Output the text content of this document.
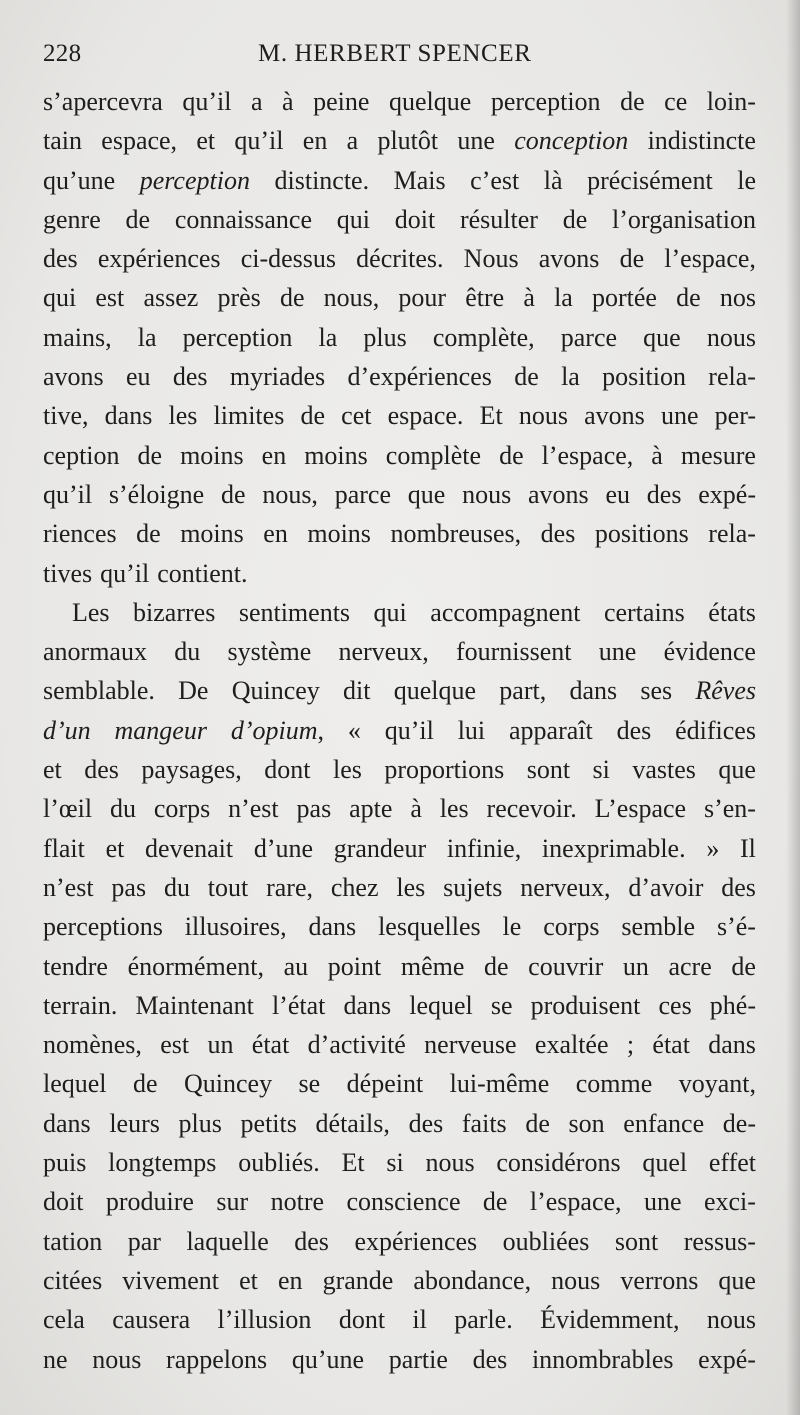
228	M. HERBERT SPENCER
s’apercevra qu’il a à peine quelque perception de ce loin-
tain espace, et qu’il en a plutôt une conception indistincte
qu’une perception distincte. Mais c’est là précisément le
genre de connaissance qui doit résulter de l’organisation
des expériences ci-dessus décrites. Nous avons de l’espace,
qui est assez près de nous, pour être à la portée de nos
mains, la perception la plus complète, parce que nous
avons eu des myriades d’expériences de la position rela-
tive, dans les limites de cet espace. Et nous avons une per-
ception de moins en moins complète de l’espace, à mesure
qu’il s’éloigne de nous, parce que nous avons eu des expé-
riences de moins en moins nombreuses, des positions rela-
tives qu’il contient.
Les bizarres sentiments qui accompagnent certains états
anormaux du système nerveux, fournissent une évidence
semblable. De Quincey dit quelque part, dans ses Rêves
d’un mangeur d’opium, « qu’il lui apparaît des édifices
et des paysages, dont les proportions sont si vastes que
l’œil du corps n’est pas apte à les recevoir. L’espace s’en-
flait et devenait d’une grandeur infinie, inexprimable. » Il
n’est pas du tout rare, chez les sujets nerveux, d’avoir des
perceptions illusoires, dans lesquelles le corps semble s’é-
tendre énormément, au point même de couvrir un acre de
terrain. Maintenant l’état dans lequel se produisent ces phé-
nomènes, est un état d’activité nerveuse exaltée ; état dans
lequel de Quincey se dépeint lui-même comme voyant,
dans leurs plus petits détails, des faits de son enfance de-
puis longtemps oubliés. Et si nous considérons quel effet
doit produire sur notre conscience de l’espace, une exci-
tation par laquelle des expériences oubliées sont ressus-
citées vivement et en grande abondance, nous verrons que
cela causera l’illusion dont il parle. Évidemment, nous
ne nous rappelons qu’une partie des innombrables expé-
